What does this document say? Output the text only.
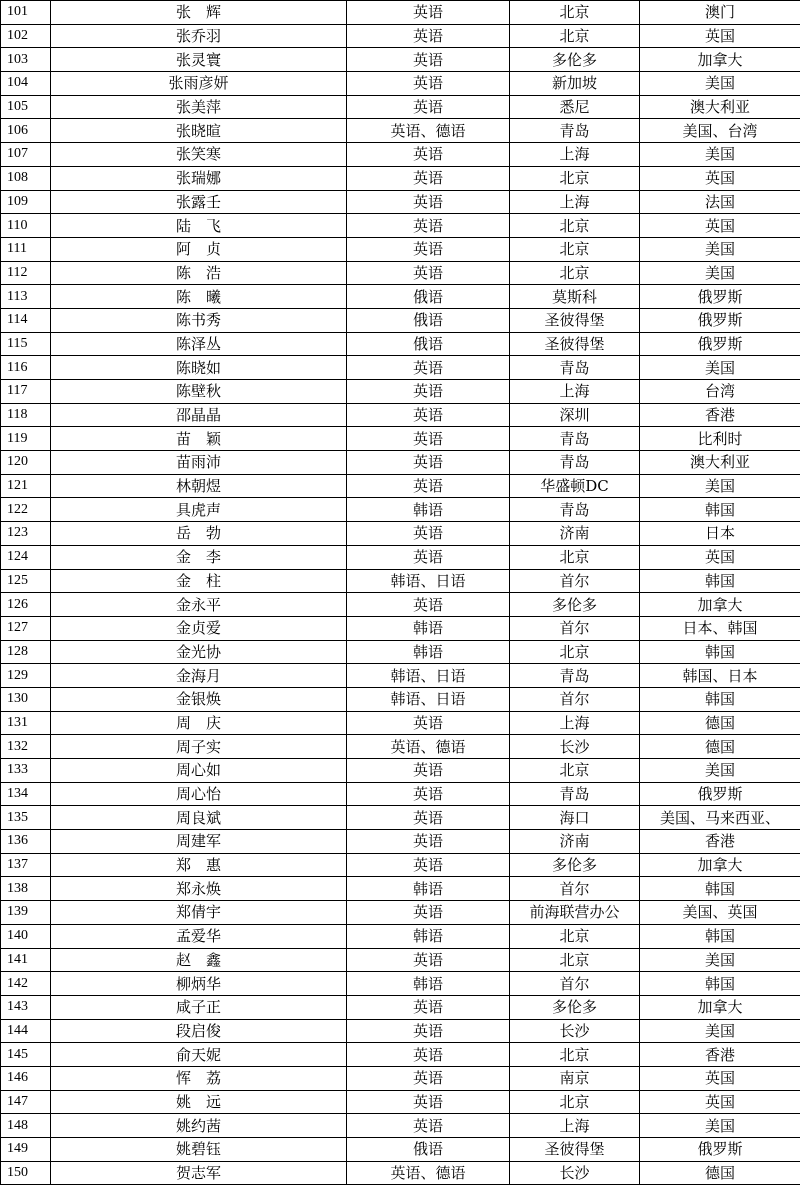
101	张　辉	英语	北京	澳门
102	张乔羽	英语	北京	英国
103	张灵寰	英语	多伦多	加拿大
104	张雨彦妍	英语	新加坡	美国
105	张美萍	英语	悉尼	澳大利亚
106	张晓暄	英语、德语	青岛	美国、台湾
107	张笑寒	英语	上海	美国
108	张瑞娜	英语	北京	英国
109	张露壬	英语	上海	法国
110	陆　飞	英语	北京	英国
111	阿　贞	英语	北京	美国
112	陈　浩	英语	北京	美国
113	陈　曦	俄语	莫斯科	俄罗斯
114	陈书秀	俄语	圣彼得堡	俄罗斯
115	陈泽丛	俄语	圣彼得堡	俄罗斯
116	陈晓如	英语	青岛	美国
117	陈壁秋	英语	上海	台湾
118	邵晶晶	英语	深圳	香港
119	苗　颖	英语	青岛	比利时
120	苗雨沛	英语	青岛	澳大利亚
121	林朝煜	英语	华盛顿DC	美国
122	具虎声	韩语	青岛	韩国
123	岳　勃	英语	济南	日本
124	金　李	英语	北京	英国
125	金　柱	韩语、日语	首尔	韩国
126	金永平	英语	多伦多	加拿大
127	金贞爱	韩语	首尔	日本、韩国
128	金光协	韩语	北京	韩国
129	金海月	韩语、日语	青岛	韩国、日本
130	金银焕	韩语、日语	首尔	韩国
131	周　庆	英语	上海	德国
132	周子实	英语、德语	长沙	德国
133	周心如	英语	北京	美国
134	周心怡	英语	青岛	俄罗斯
135	周良斌	英语	海口	美国、马来西亚、
136	周建军	英语	济南	香港
137	郑　惠	英语	多伦多	加拿大
138	郑永焕	韩语	首尔	韩国
139	郑倩宇	英语	前海联营办公	美国、英国
140	孟爱华	韩语	北京	韩国
141	赵　鑫	英语	北京	美国
142	柳炳华	韩语	首尔	韩国
143	咸子正	英语	多伦多	加拿大
144	段启俊	英语	长沙	美国
145	俞天妮	英语	北京	香港
146	恽　荔	英语	南京	英国
147	姚　远	英语	北京	英国
148	姚约茜	英语	上海	美国
149	姚碧钰	俄语	圣彼得堡	俄罗斯
150	贺志军	英语、德语	长沙	德国
